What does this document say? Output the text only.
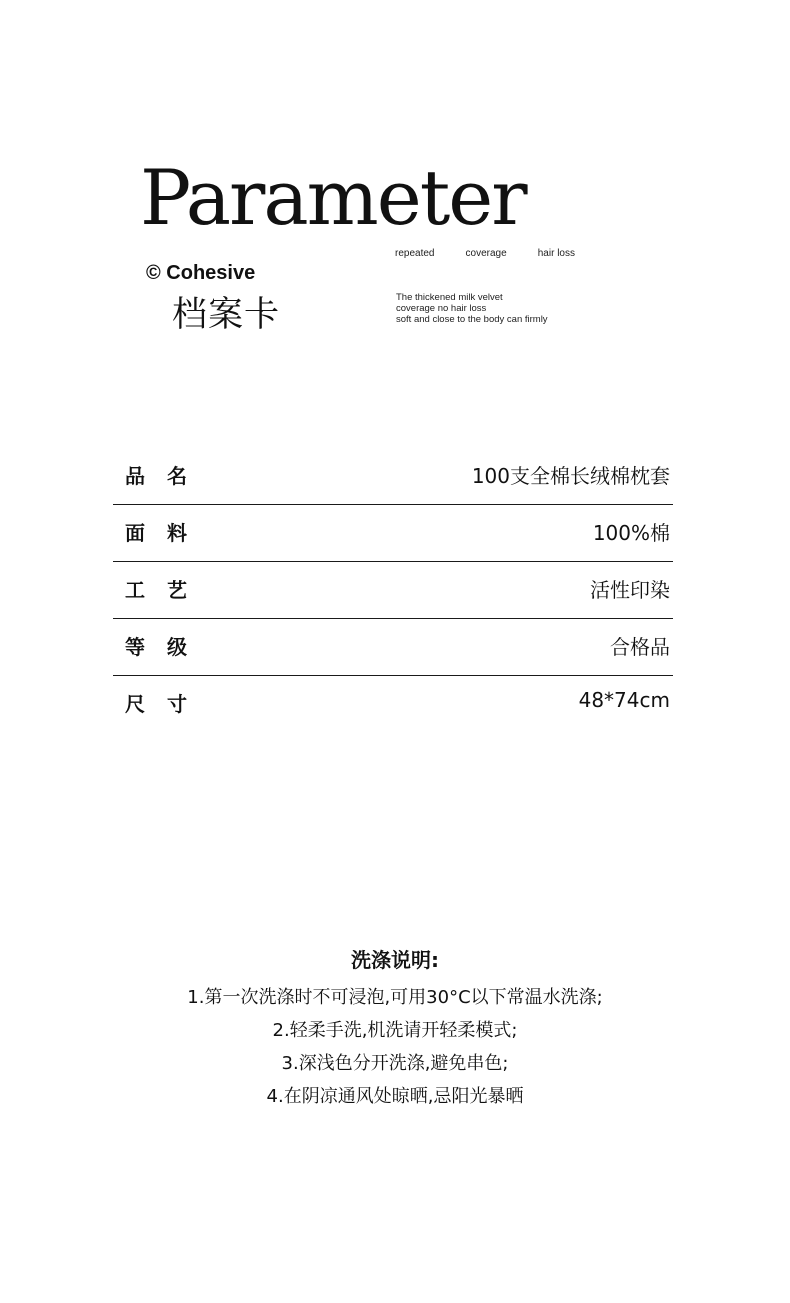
Parameter
repeated	coverage	hair loss
© Cohesive
档案卡	The thickened milk velvet
coverage no hair loss
soft and close to the body can firmly
品名	100支全棉长绒棉枕套
面料	100%棉
工艺	活性印染
等级	合格品
尺寸	48*74cm
洗涤说明:
1.第一次洗涤时不可浸泡,可用30°C以下常温水洗涤;
2.轻柔手洗,机洗请开轻柔模式;
3.深浅色分开洗涤,避免串色;
4.在阴凉通风处晾晒,忌阳光暴晒
